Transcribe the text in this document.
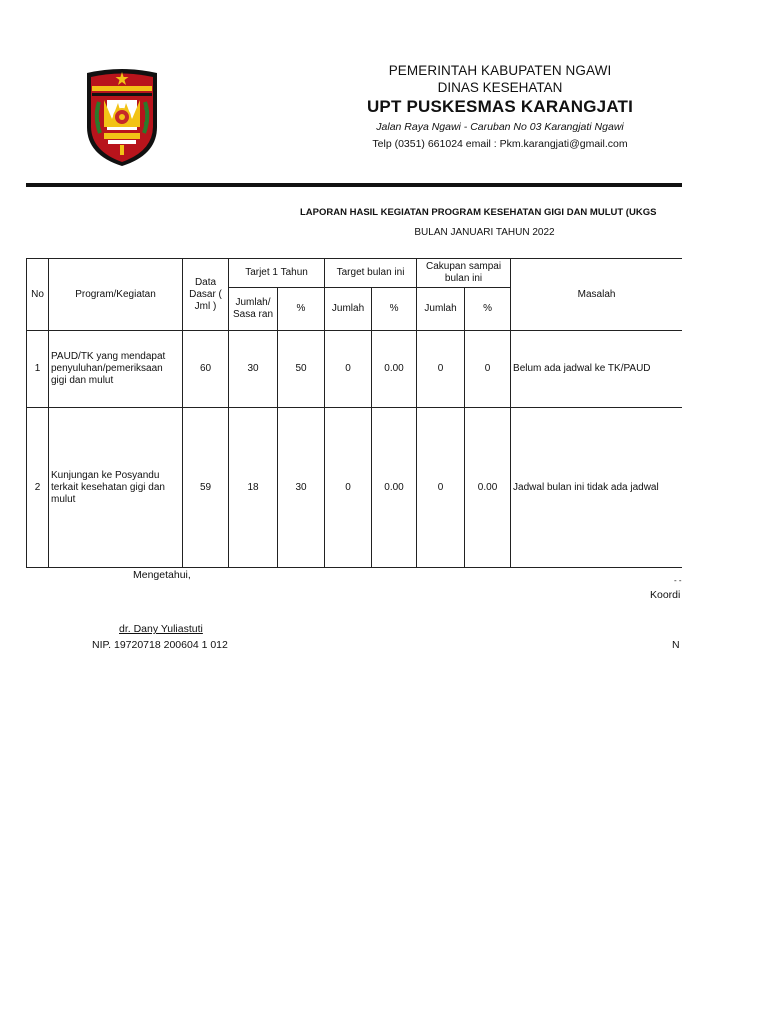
PEMERINTAH KABUPATEN NGAWI
DINAS KESEHATAN
UPT PUSKESMAS KARANGJATI
Jalan Raya Ngawi - Caruban No 03 Karangjati Ngawi
Telp (0351) 661024 email : Pkm.karangjati@gmail.com
LAPORAN HASIL KEGIATAN PROGRAM KESEHATAN GIGI DAN MULUT (UKGS
BULAN JANUARI TAHUN 2022
No	Program/Kegiatan	Data Dasar ( Jml )	Tarjet 1 Tahun		Target bulan ini		Cakupan sampai bulan ini		Masalah
			Jumlah/ Sasa ran	%	Jumlah	%	Jumlah	%	
1	PAUD/TK yang mendapat penyuluhan/pemeriksaan gigi dan mulut	60	30	50	0	0.00	0	0	Belum ada jadwal ke TK/PAUD
2	Kunjungan ke Posyandu terkait kesehatan gigi dan mulut	59	18	30	0	0.00	0	0.00	Jadwal bulan ini tidak ada jadwal
Mengetahui,	- -
Koordi
dr. Dany Yuliastuti
NIP. 19720718 200604 1 012	N
